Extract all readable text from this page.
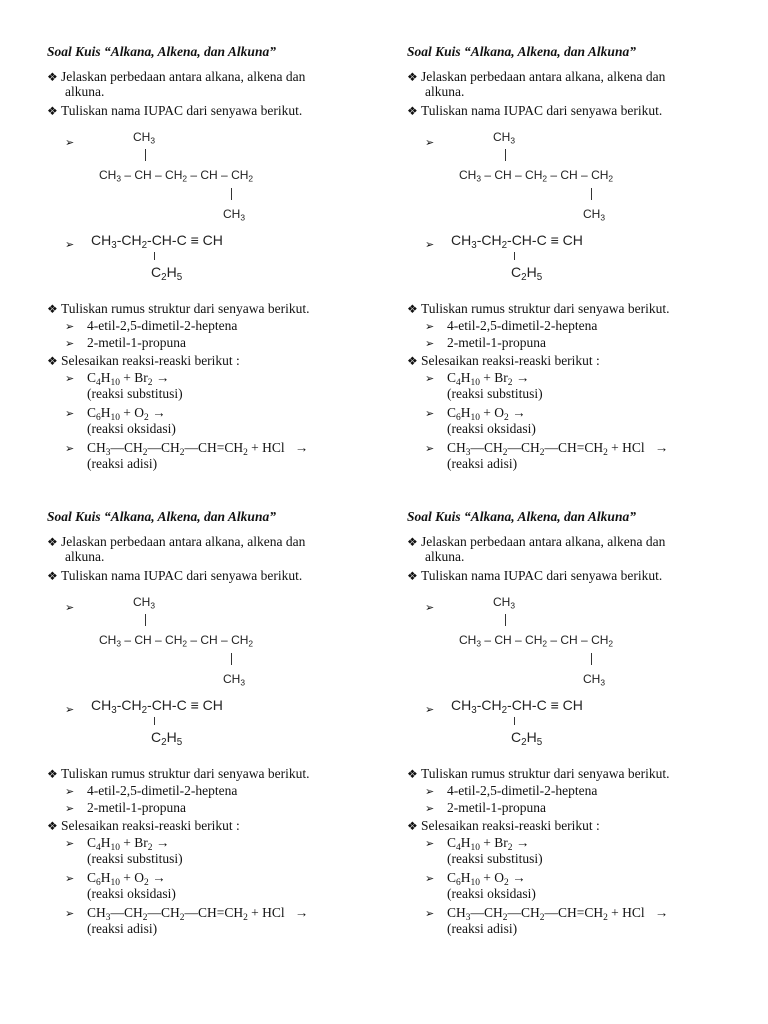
Soal Kuis “Alkana, Alkena, dan Alkuna”
❖ Jelaskan perbedaan antara alkana, alkena dan
alkuna.
❖ Tuliskan nama IUPAC dari senyawa berikut.
➢	$CH_3$
$CH_3$ – CH – $CH_2$ – CH – $CH_2$
$CH_3$
➢ $CH_3-CH_2-CH-C$ ≡ CH
$C_2H_5$
❖ Tuliskan rumus struktur dari senyawa berikut.
➢ 4-etil-2,5-dimetil-2-heptena
➢ 2-metil-1-propuna
❖ Selesaikan reaksi-reaski berikut :
➢ $C_4H_{10} + Br_2$ →
(reaksi substitusi)
➢ $C_6H_{10} + O_2$ →
(reaksi oksidasi)
➢ $CH_3—CH_2—CH_2—CH=CH_2$ + HCl   →
(reaksi adisi)
Soal Kuis “Alkana, Alkena, dan Alkuna”
❖ Jelaskan perbedaan antara alkana, alkena dan
alkuna.
❖ Tuliskan nama IUPAC dari senyawa berikut.
➢	$CH_3$
$CH_3$ – CH – $CH_2$ – CH – $CH_2$
$CH_3$
➢ $CH_3-CH_2-CH-C$ ≡ CH
$C_2H_5$
❖ Tuliskan rumus struktur dari senyawa berikut.
➢ 4-etil-2,5-dimetil-2-heptena
➢ 2-metil-1-propuna
❖ Selesaikan reaksi-reaski berikut :
➢ $C_4H_{10} + Br_2$ →
(reaksi substitusi)
➢ $C_6H_{10} + O_2$ →
(reaksi oksidasi)
➢ $CH_3—CH_2—CH_2—CH=CH_2$ + HCl   →
(reaksi adisi)
Soal Kuis “Alkana, Alkena, dan Alkuna”
❖ Jelaskan perbedaan antara alkana, alkena dan
alkuna.
❖ Tuliskan nama IUPAC dari senyawa berikut.
➢	$CH_3$
$CH_3$ – CH – $CH_2$ – CH – $CH_2$
$CH_3$
➢ $CH_3-CH_2-CH-C$ ≡ CH
$C_2H_5$
❖ Tuliskan rumus struktur dari senyawa berikut.
➢ 4-etil-2,5-dimetil-2-heptena
➢ 2-metil-1-propuna
❖ Selesaikan reaksi-reaski berikut :
➢ $C_4H_{10} + Br_2$ →
(reaksi substitusi)
➢ $C_6H_{10} + O_2$ →
(reaksi oksidasi)
➢ $CH_3—CH_2—CH_2—CH=CH_2$ + HCl   →
(reaksi adisi)
Soal Kuis “Alkana, Alkena, dan Alkuna”
❖ Jelaskan perbedaan antara alkana, alkena dan
alkuna.
❖ Tuliskan nama IUPAC dari senyawa berikut.
➢	$CH_3$
$CH_3$ – CH – $CH_2$ – CH – $CH_2$
$CH_3$
➢ $CH_3-CH_2-CH-C$ ≡ CH
$C_2H_5$
❖ Tuliskan rumus struktur dari senyawa berikut.
➢ 4-etil-2,5-dimetil-2-heptena
➢ 2-metil-1-propuna
❖ Selesaikan reaksi-reaski berikut :
➢ $C_4H_{10} + Br_2$ →
(reaksi substitusi)
➢ $C_6H_{10} + O_2$ →
(reaksi oksidasi)
➢ $CH_3—CH_2—CH_2—CH=CH_2$ + HCl   →
(reaksi adisi)
